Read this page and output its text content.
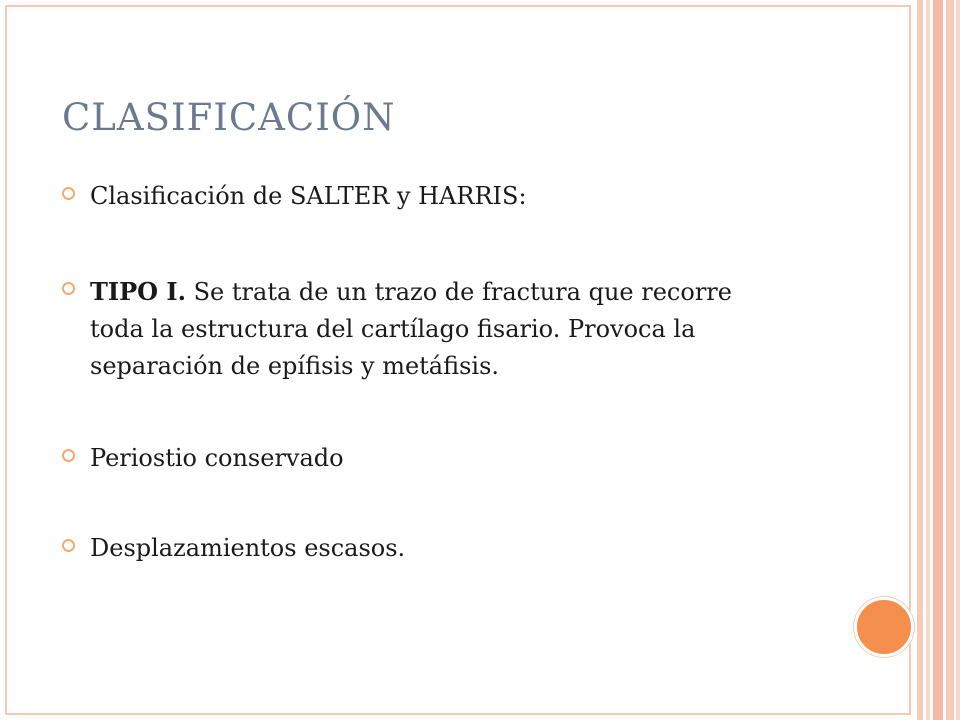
CLASIFICACIÓN
Clasificación de SALTER y HARRIS:
TIPO I. Se trata de un trazo de fractura que recorre toda la estructura del cartílago fisario. Provoca la separación de epífisis y metáfisis.
Periostio conservado
Desplazamientos escasos.
